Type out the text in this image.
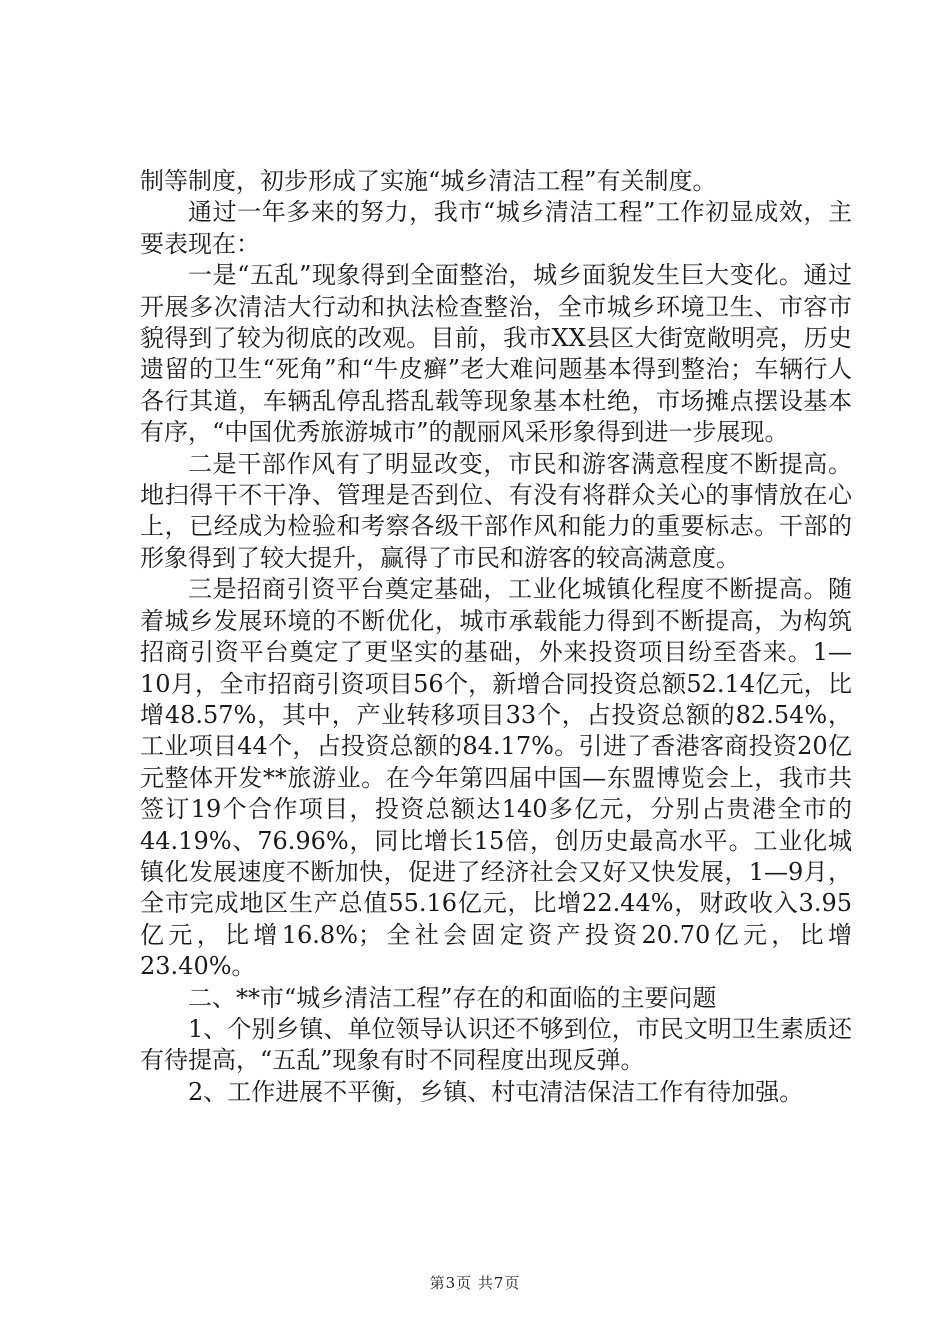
制等制度，初步形成了实施“城乡清洁工程”有关制度。

通过一年多来的努力，我市“城乡清洁工程”工作初显成效，主要表现在：

一是“五乱”现象得到全面整治，城乡面貌发生巨大变化。通过开展多次清洁大行动和执法检查整治，全市城乡环境卫生、市容市貌得到了较为彻底的改观。目前，我市XX县区大街宽敞明亮，历史遗留的卫生“死角”和“牛皮癣”老大难问题基本得到整治；车辆行人各行其道，车辆乱停乱搭乱载等现象基本杜绝，市场摊点摆设基本有序，“中国优秀旅游城市”的靓丽风采形象得到进一步展现。

二是干部作风有了明显改变，市民和游客满意程度不断提高。地扫得干不干净、管理是否到位、有没有将群众关心的事情放在心上，已经成为检验和考察各级干部作风和能力的重要标志。干部的形象得到了较大提升，赢得了市民和游客的较高满意度。

三是招商引资平台奠定基础，工业化城镇化程度不断提高。随着城乡发展环境的不断优化，城市承载能力得到不断提高，为构筑招商引资平台奠定了更坚实的基础，外来投资项目纷至沓来。1—10月，全市招商引资项目56个，新增合同投资总额52.14亿元，比增48.57%，其中，产业转移项目33个，占投资总额的82.54%，工业项目44个，占投资总额的84.17%。引进了香港客商投资20亿元整体开发**旅游业。在今年第四届中国—东盟博览会上，我市共签订19个合作项目，投资总额达140多亿元，分别占贵港全市的44.19%、76.96%，同比增长15倍，创历史最高水平。工业化城镇化发展速度不断加快，促进了经济社会又好又快发展，1—9月，全市完成地区生产总值55.16亿元，比增22.44%，财政收入3.95亿元，比增16.8%；全社会固定资产投资20.70亿元，比增23.40%。

二、**市“城乡清洁工程”存在的和面临的主要问题

1、个别乡镇、单位领导认识还不够到位，市民文明卫生素质还有待提高，“五乱”现象有时不同程度出现反弹。

2、工作进展不平衡，乡镇、村屯清洁保洁工作有待加强。

第3页 共7页
